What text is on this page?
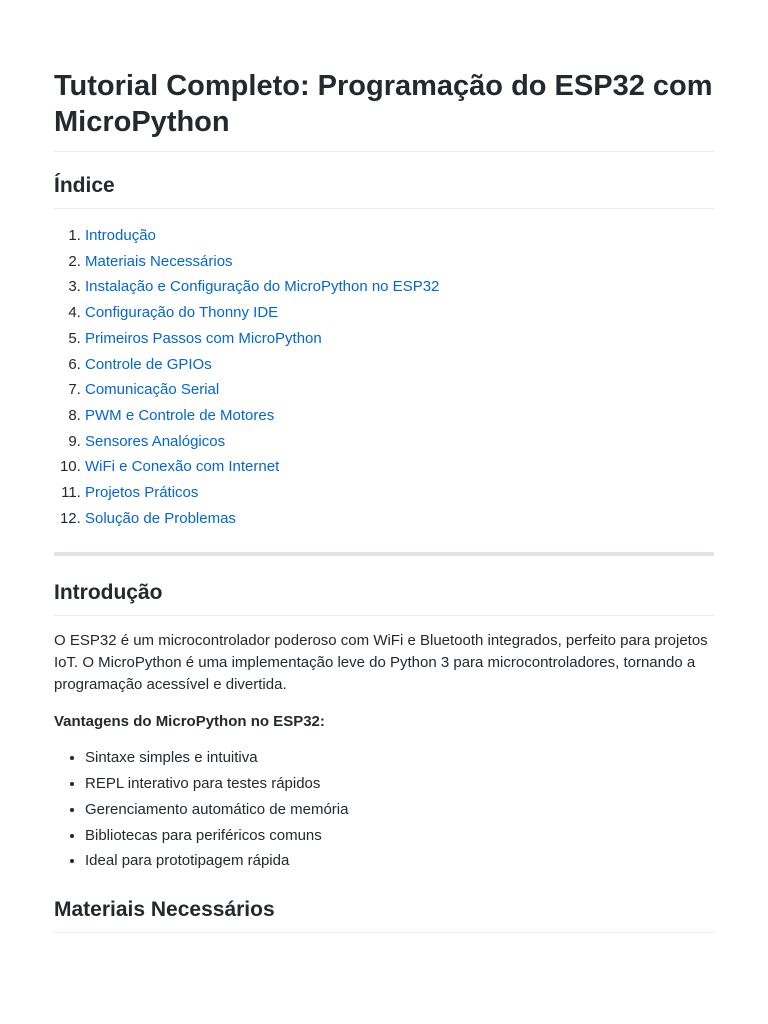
Tutorial Completo: Programação do ESP32 com MicroPython
Índice
1. Introdução
2. Materiais Necessários
3. Instalação e Configuração do MicroPython no ESP32
4. Configuração do Thonny IDE
5. Primeiros Passos com MicroPython
6. Controle de GPIOs
7. Comunicação Serial
8. PWM e Controle de Motores
9. Sensores Analógicos
10. WiFi e Conexão com Internet
11. Projetos Práticos
12. Solução de Problemas
Introdução

O ESP32 é um microcontrolador poderoso com WiFi e Bluetooth integrados, perfeito para projetos IoT. O MicroPython é uma implementação leve do Python 3 para microcontroladores, tornando a programação acessível e divertida.

Vantagens do MicroPython no ESP32:

• Sintaxe simples e intuitiva
• REPL interativo para testes rápidos
• Gerenciamento automático de memória
• Bibliotecas para periféricos comuns
• Ideal para prototipagem rápida
Materiais Necessários
